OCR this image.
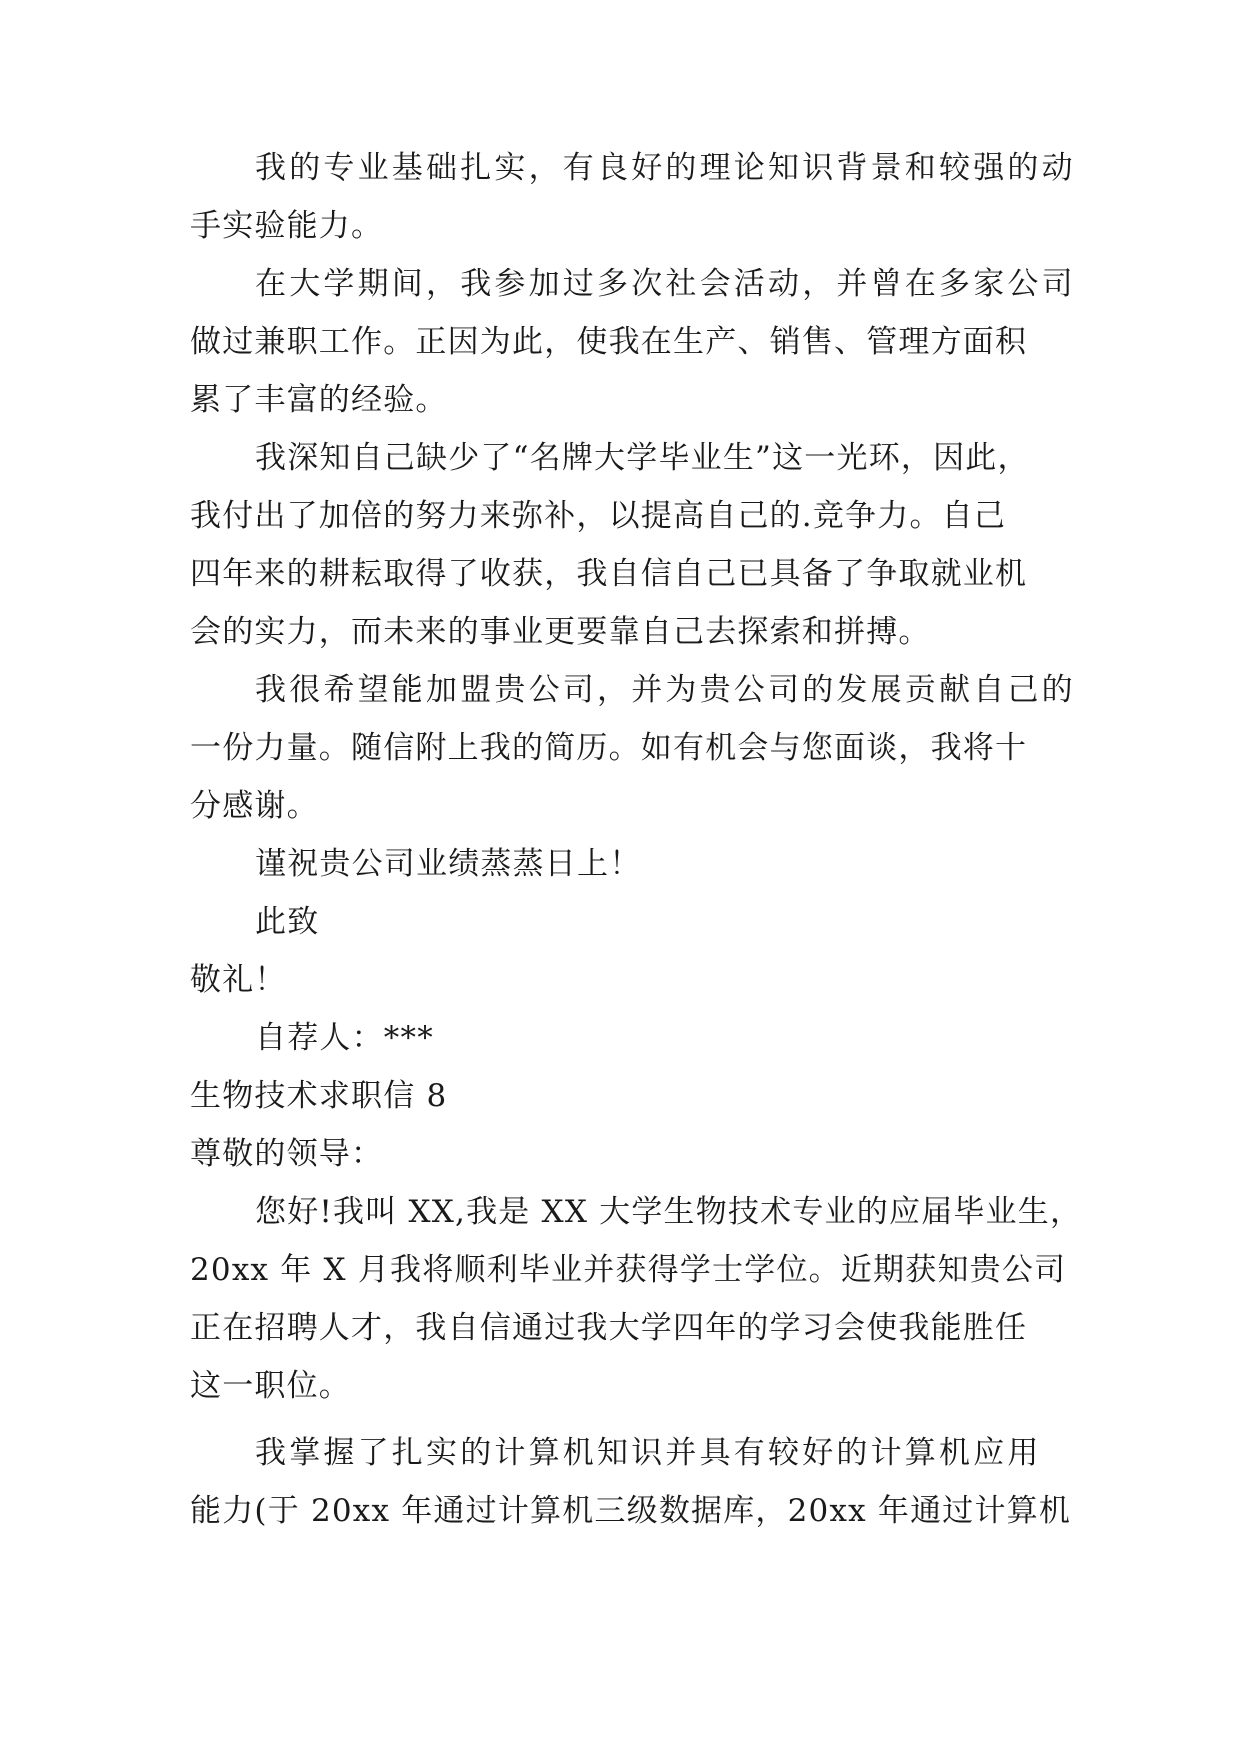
我的专业基础扎实，有良好的理论知识背景和较强的动
手实验能力。
在大学期间，我参加过多次社会活动，并曾在多家公司
做过兼职工作。正因为此，使我在生产、销售、管理方面积
累了丰富的经验。
我深知自己缺少了“名牌大学毕业生”这一光环，因此，
我付出了加倍的努力来弥补，以提高自己的.竞争力。自己
四年来的耕耘取得了收获，我自信自己已具备了争取就业机
会的实力，而未来的事业更要靠自己去探索和拼搏。
我很希望能加盟贵公司，并为贵公司的发展贡献自己的
一份力量。随信附上我的简历。如有机会与您面谈，我将十
分感谢。
谨祝贵公司业绩蒸蒸日上！
此致
敬礼！
自荐人：***
生物技术求职信 8
尊敬的领导：
您好!我叫 XX,我是 XX 大学生物技术专业的应届毕业生，
20xx 年 X 月我将顺利毕业并获得学士学位。近期获知贵公司
正在招聘人才，我自信通过我大学四年的学习会使我能胜任
这一职位。
我掌握了扎实的计算机知识并具有较好的计算机应用
能力(于 20xx 年通过计算机三级数据库，20xx 年通过计算机
